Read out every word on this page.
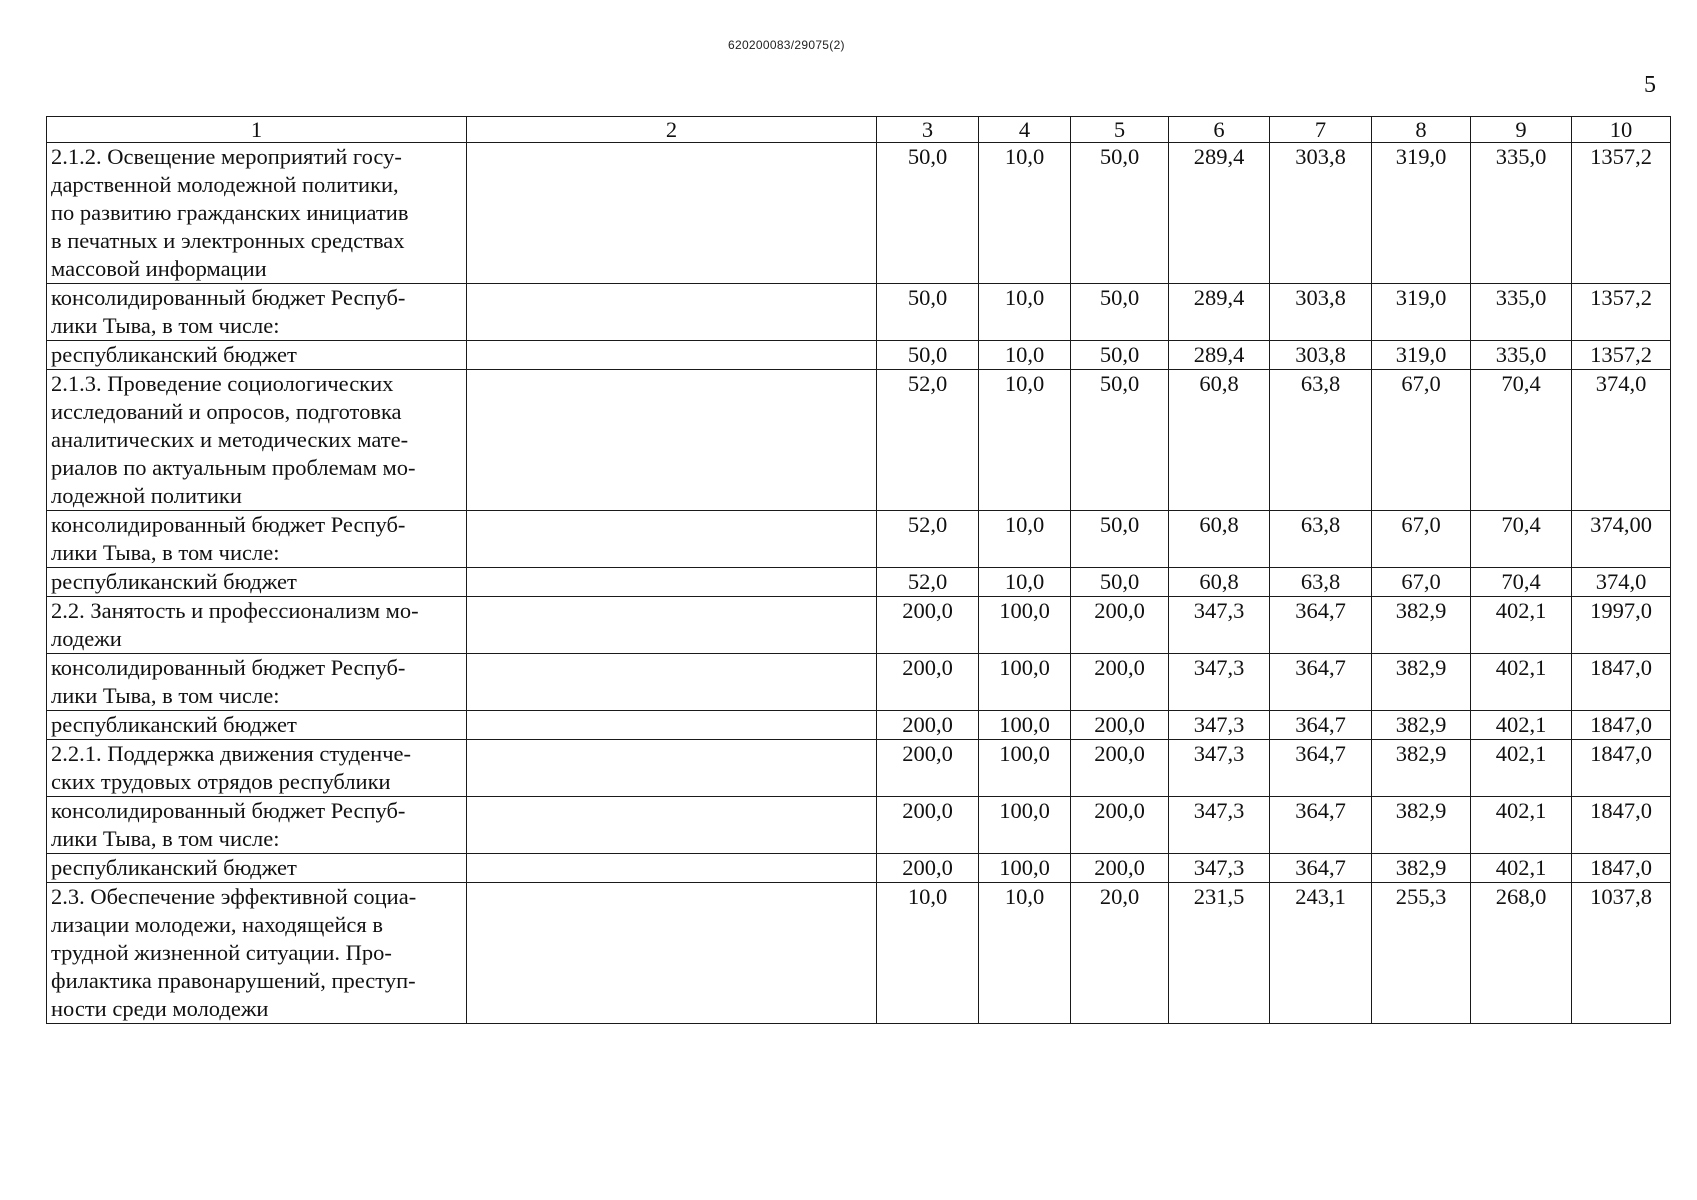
620200083/29075(2)
5
1	2	3	4	5	6	7	8	9	10
2.1.2. Освещение мероприятий госу-
дарственной молодежной политики,
по развитию гражданских инициатив
в печатных и электронных средствах
массовой информации		50,0	10,0	50,0	289,4	303,8	319,0	335,0	1357,2
консолидированный бюджет Респуб-
лики Тыва, в том числе:		50,0	10,0	50,0	289,4	303,8	319,0	335,0	1357,2
республиканский бюджет		50,0	10,0	50,0	289,4	303,8	319,0	335,0	1357,2
2.1.3. Проведение социологических
исследований и опросов, подготовка
аналитических и методических мате-
риалов по актуальным проблемам мо-
лодежной политики		52,0	10,0	50,0	60,8	63,8	67,0	70,4	374,0
консолидированный бюджет Респуб-
лики Тыва, в том числе:		52,0	10,0	50,0	60,8	63,8	67,0	70,4	374,00
республиканский бюджет		52,0	10,0	50,0	60,8	63,8	67,0	70,4	374,0
2.2. Занятость и профессионализм мо-
лодежи		200,0	100,0	200,0	347,3	364,7	382,9	402,1	1997,0
консолидированный бюджет Респуб-
лики Тыва, в том числе:		200,0	100,0	200,0	347,3	364,7	382,9	402,1	1847,0
республиканский бюджет		200,0	100,0	200,0	347,3	364,7	382,9	402,1	1847,0
2.2.1. Поддержка движения студенче-
ских трудовых отрядов республики		200,0	100,0	200,0	347,3	364,7	382,9	402,1	1847,0
консолидированный бюджет Респуб-
лики Тыва, в том числе:		200,0	100,0	200,0	347,3	364,7	382,9	402,1	1847,0
республиканский бюджет		200,0	100,0	200,0	347,3	364,7	382,9	402,1	1847,0
2.3. Обеспечение эффективной социа-
лизации молодежи, находящейся в
трудной жизненной ситуации. Про-
филактика правонарушений, преступ-
ности среди молодежи		10,0	10,0	20,0	231,5	243,1	255,3	268,0	1037,8
